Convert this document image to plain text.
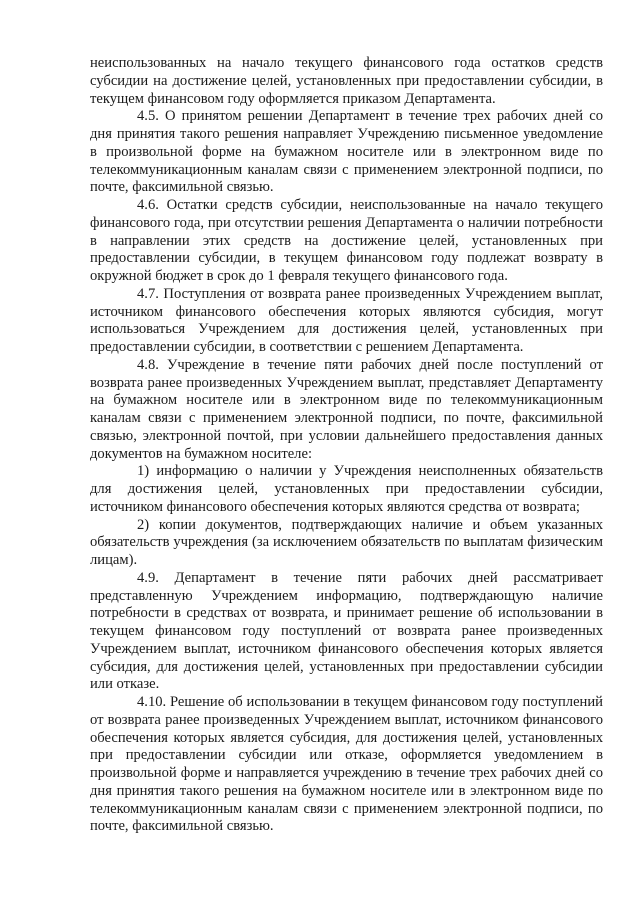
неиспользованных на начало текущего финансового года остатков средств субсидии на достижение целей, установленных при предоставлении субсидии, в текущем финансовом году оформляется приказом Департамента.

4.5. О принятом решении Департамент в течение трех рабочих дней со дня принятия такого решения направляет Учреждению письменное уведомление в произвольной форме на бумажном носителе или в электронном виде по телекоммуникационным каналам связи с применением электронной подписи, по почте, факсимильной связью.

4.6. Остатки средств субсидии, неиспользованные на начало текущего финансового года, при отсутствии решения Департамента о наличии потребности в направлении этих средств на достижение целей, установленных при предоставлении субсидии, в текущем финансовом году подлежат возврату в окружной бюджет в срок до 1 февраля текущего финансового года.

4.7. Поступления от возврата ранее произведенных Учреждением выплат, источником финансового обеспечения которых являются субсидия, могут использоваться Учреждением для достижения целей, установленных при предоставлении субсидии, в соответствии с решением Департамента.

4.8. Учреждение в течение пяти рабочих дней после поступлений от возврата ранее произведенных Учреждением выплат, представляет Департаменту на бумажном носителе или в электронном виде по телекоммуникационным каналам связи с применением электронной подписи, по почте, факсимильной связью, электронной почтой, при условии дальнейшего предоставления данных документов на бумажном носителе:

1) информацию о наличии у Учреждения неисполненных обязательств для достижения целей, установленных при предоставлении субсидии, источником финансового обеспечения которых являются средства от возврата;

2) копии документов, подтверждающих наличие и объем указанных обязательств учреждения (за исключением обязательств по выплатам физическим лицам).

4.9. Департамент в течение пяти рабочих дней рассматривает представленную Учреждением информацию, подтверждающую наличие потребности в средствах от возврата, и принимает решение об использовании в текущем финансовом году поступлений от возврата ранее произведенных Учреждением выплат, источником финансового обеспечения которых является субсидия, для достижения целей, установленных при предоставлении субсидии или отказе.

4.10. Решение об использовании в текущем финансовом году поступлений от возврата ранее произведенных Учреждением выплат, источником финансового обеспечения которых является субсидия, для достижения целей, установленных при предоставлении субсидии или отказе, оформляется уведомлением в произвольной форме и направляется учреждению в течение трех рабочих дней со дня принятия такого решения на бумажном носителе или в электронном виде по телекоммуникационным каналам связи с применением электронной подписи, по почте, факсимильной связью.
